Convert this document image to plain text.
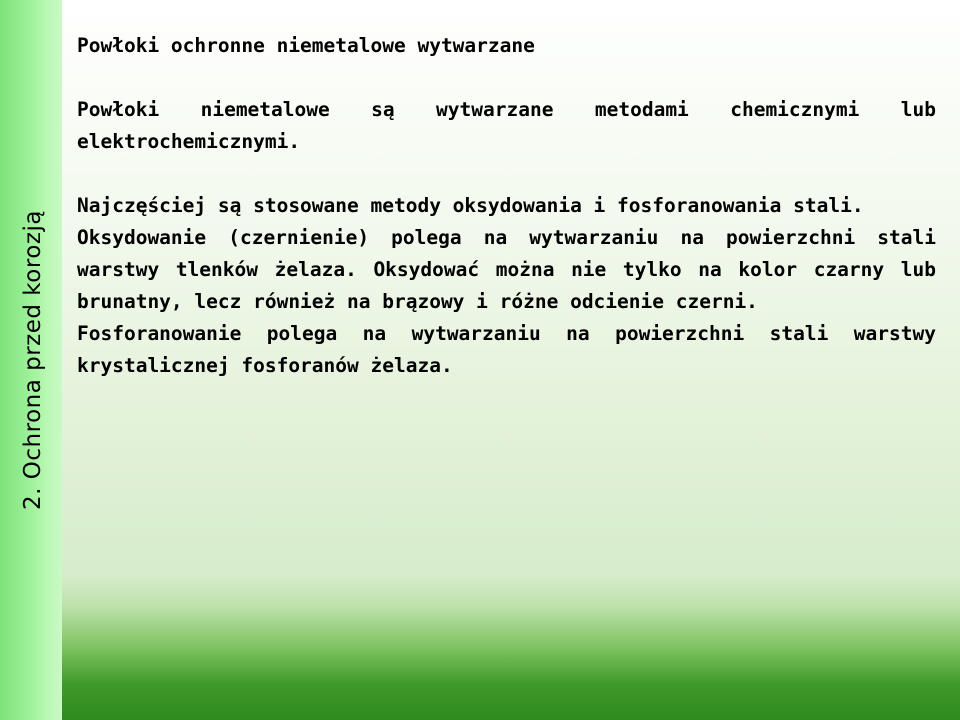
2. Ochrona przed korozją

Powłoki ochronne niemetalowe wytwarzane

Powłoki niemetalowe są wytwarzane metodami chemicznymi lub elektrochemicznymi.

Najczęściej są stosowane metody oksydowania i fosforanowania stali.

Oksydowanie (czernienie) polega na wytwarzaniu na powierzchni stali warstwy tlenków żelaza. Oksydować można nie tylko na kolor czarny lub brunatny, lecz również na brązowy i różne odcienie czerni.

Fosforanowanie polega na wytwarzaniu na powierzchni stali warstwy krystalicznej fosforanów żelaza.
